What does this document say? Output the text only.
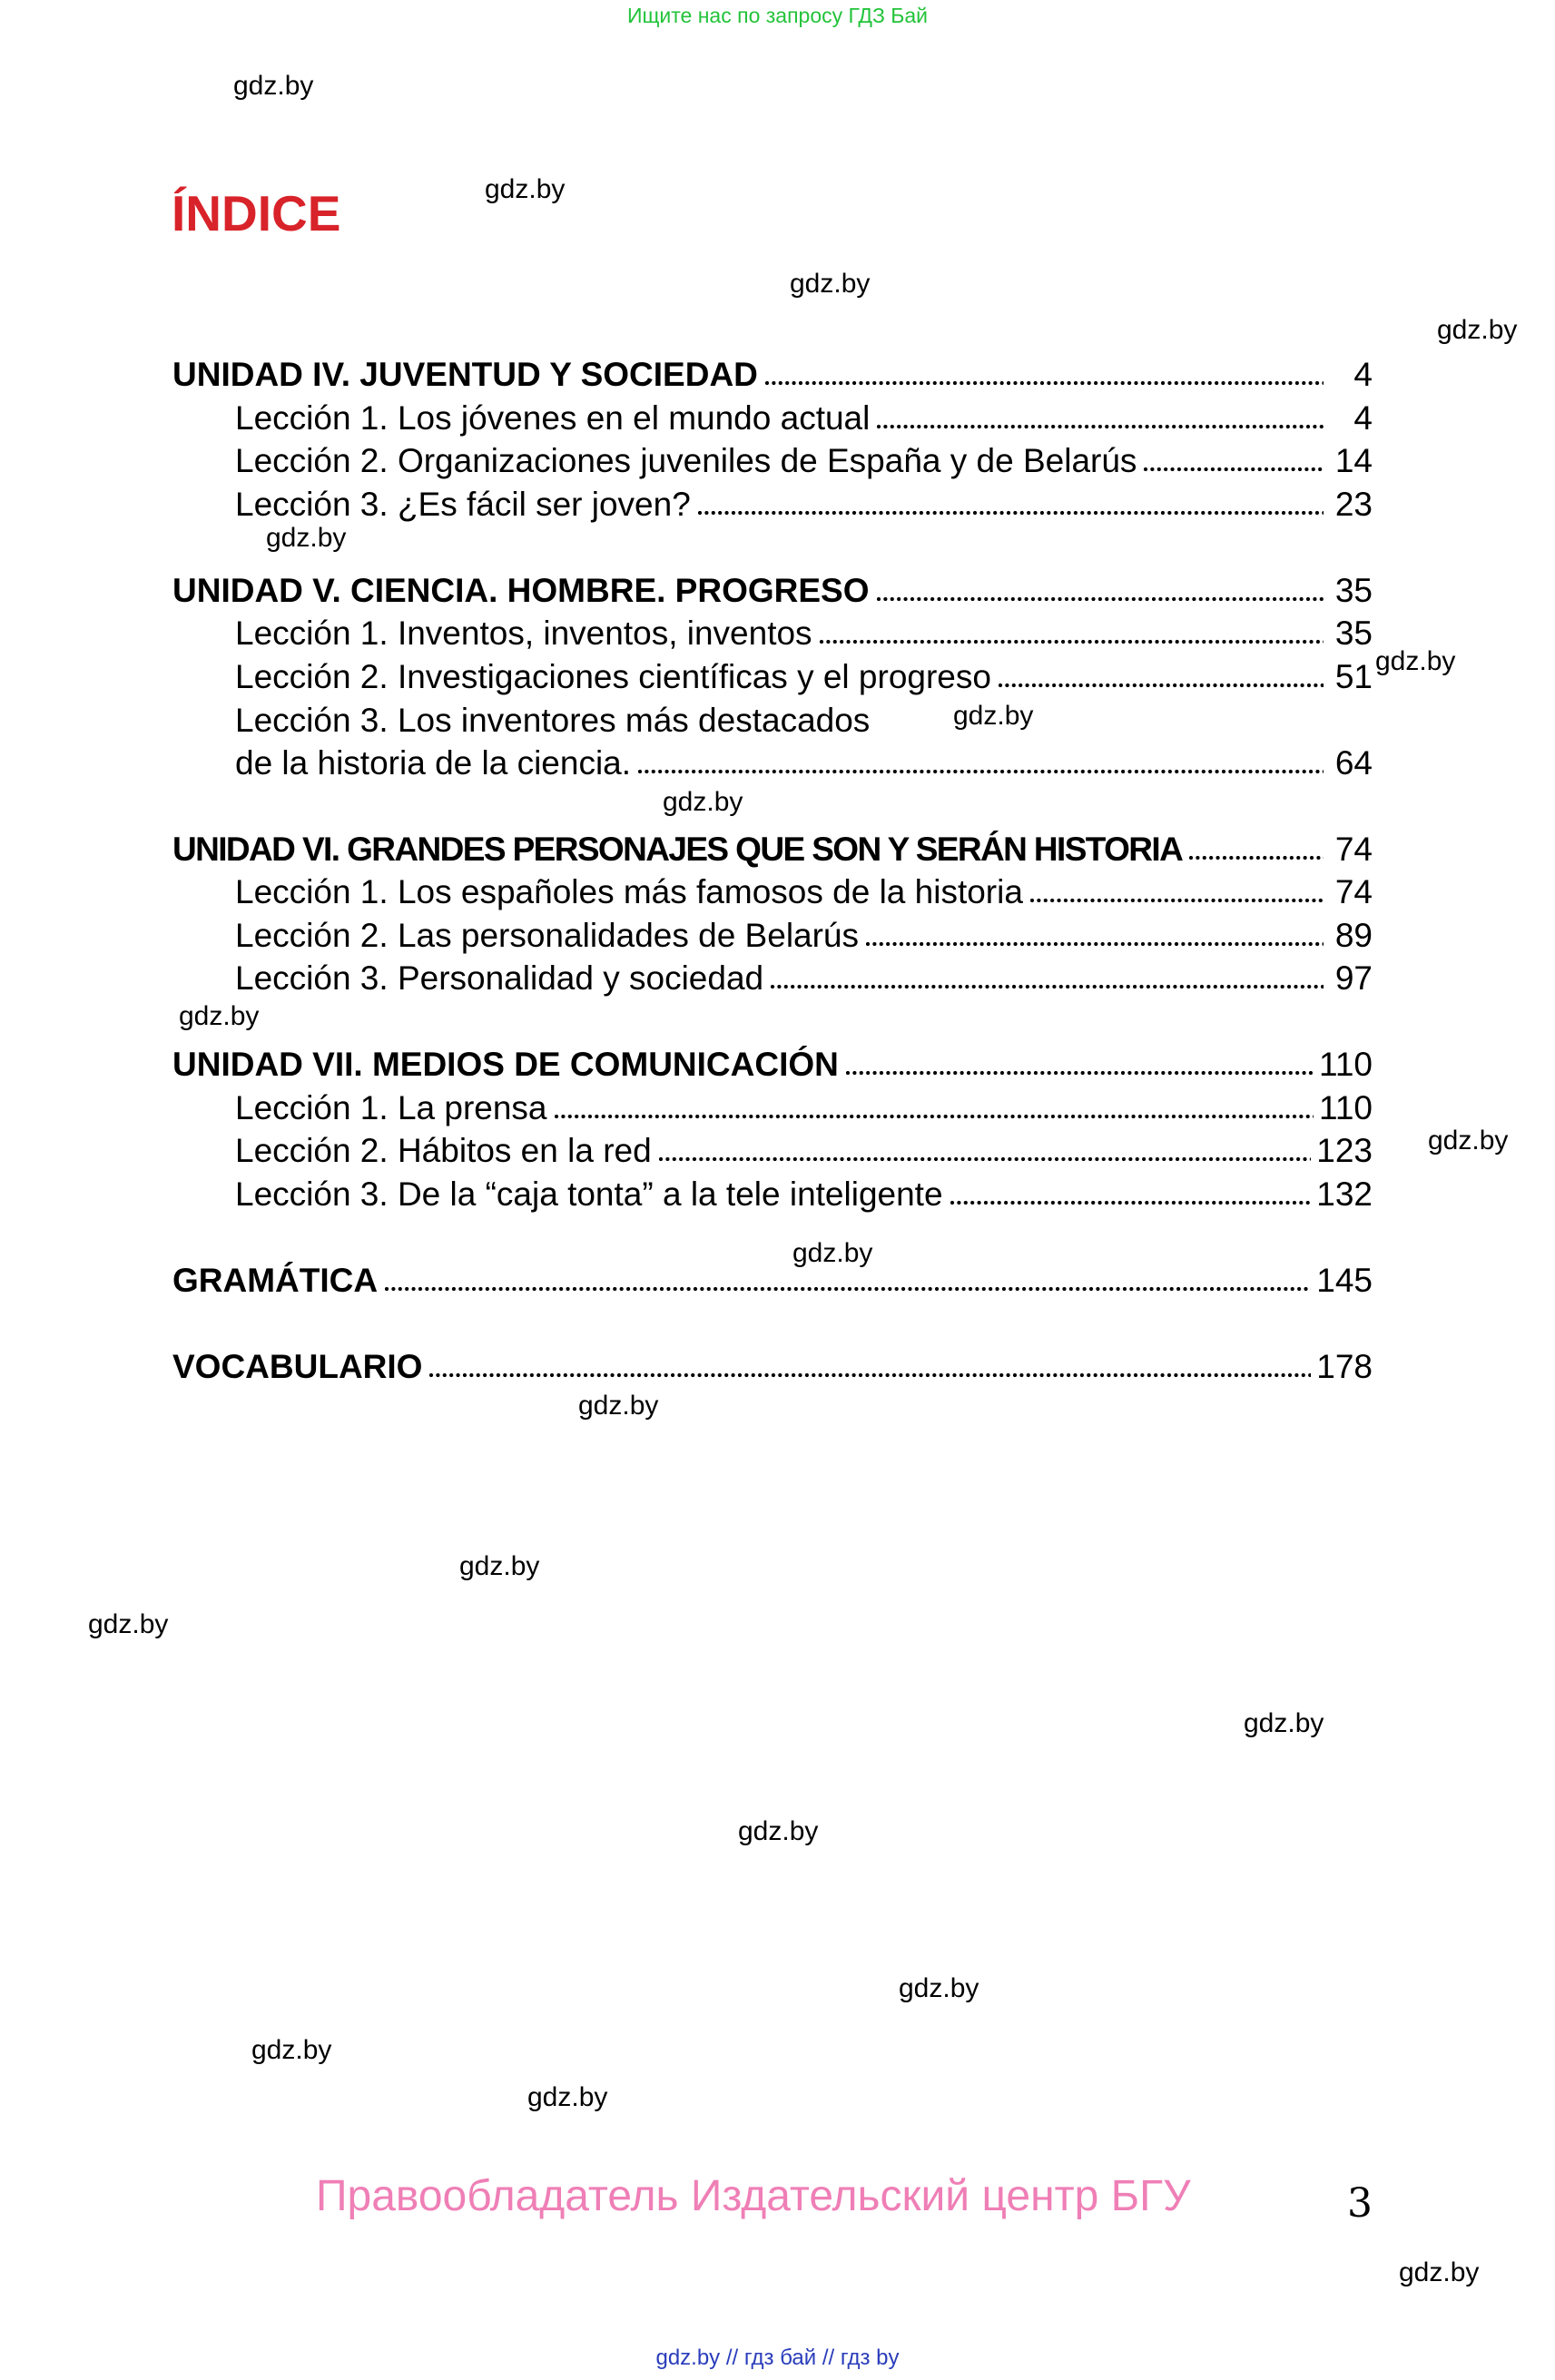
Ищите нас по запросу ГДЗ Бай
ÍNDICE
UNIDAD IV. JUVENTUD Y SOCIEDAD	4
Lección 1. Los jóvenes en el mundo actual	4
Lección 2. Organizaciones juveniles de España y de Belarús	14
Lección 3. ¿Es fácil ser joven?	23
UNIDAD V. CIENCIA. HOMBRE. PROGRESO	35
Lección 1. Inventos, inventos, inventos	35
Lección 2. Investigaciones científicas y el progreso	51
Lección 3. Los inventores más destacados
de la historia de la ciencia.	64
UNIDAD VI. GRANDES PERSONAJES QUE SON Y SERÁN HISTORIA	74
Lección 1. Los españoles más famosos de la historia	74
Lección 2. Las personalidades de Belarús	89
Lección 3. Personalidad y sociedad	97
UNIDAD VII. MEDIOS DE COMUNICACIÓN	110
Lección 1. La prensa	110
Lección 2. Hábitos en la red	123
Lección 3. De la “caja tonta” a la tele inteligente	132
GRAMÁTICA	145
VOCABULARIO	178
gdz.by
gdz.by
gdz.by
gdz.by
gdz.by
gdz.by
gdz.by
gdz.by
gdz.by
gdz.by
gdz.by
gdz.by
gdz.by
gdz.by
gdz.by
gdz.by
gdz.by
gdz.by
gdz.by
gdz.by
Правообладатель Издательский центр БГУ	3
gdz.by // гдз бай // гдз by
